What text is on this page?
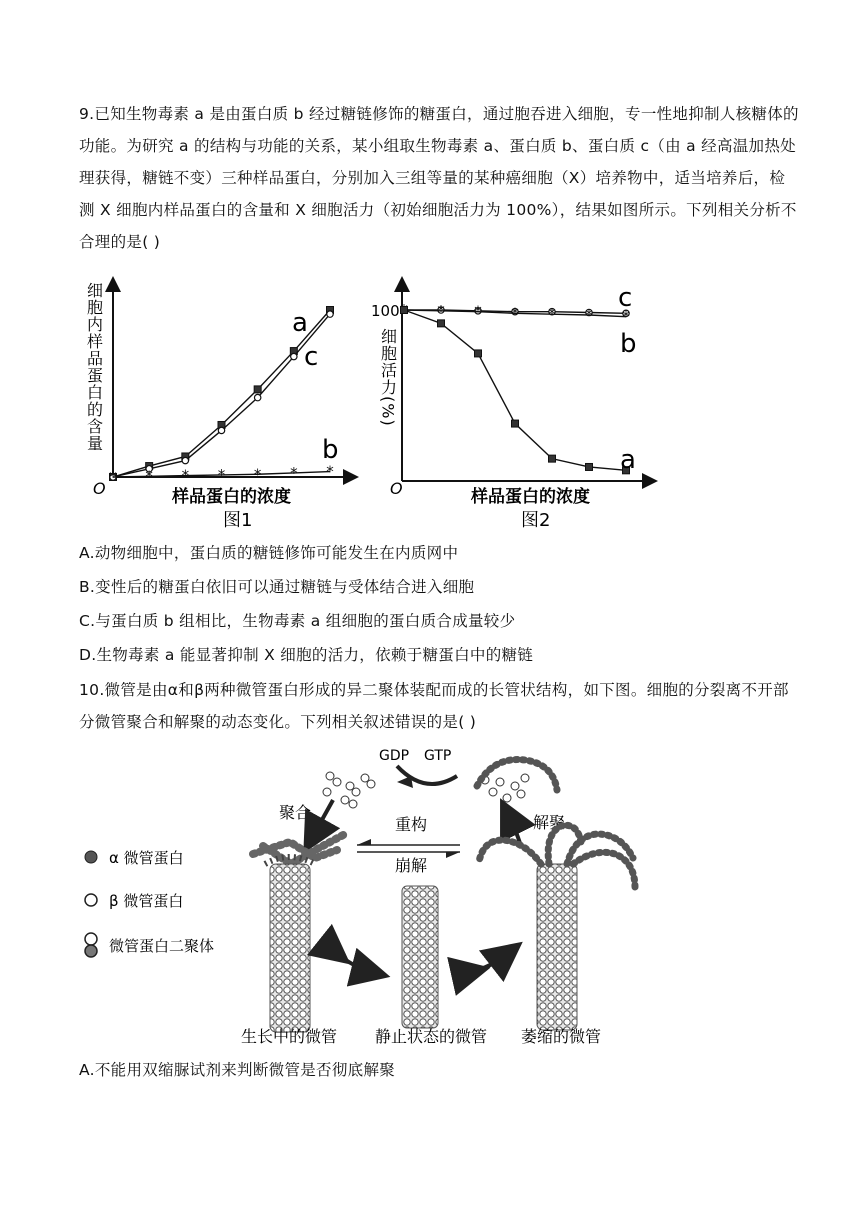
9.已知生物毒素 a 是由蛋白质 b 经过糖链修饰的糖蛋白，通过胞吞进入细胞，专一性地抑制人核糖体的功能。为研究 a 的结构与功能的关系，某小组取生物毒素 a、蛋白质 b、蛋白质 c（由 a 经高温加热处理获得，糖链不变）三种样品蛋白，分别加入三组等量的某种癌细胞（X）培养物中，适当培养后，检测 X 细胞内样品蛋白的含量和 X 细胞活力（初始细胞活力为 100%），结果如图所示。下列相关分析不合理的是( )
O
细胞内样品蛋白的含量
样品蛋白的浓度
图1
* * * * * * *
a
c
b
O
100
细胞活力(%)
样品蛋白的浓度
图2
* * * * * *
c
b
a
A.动物细胞中，蛋白质的糖链修饰可能发生在内质网中
B.变性后的糖蛋白依旧可以通过糖链与受体结合进入细胞
C.与蛋白质 b 组相比，生物毒素 a 组细胞的蛋白质合成量较少
D.生物毒素 a 能显著抑制 X 细胞的活力，依赖于糖蛋白中的糖链
10.微管是由α和β两种微管蛋白形成的异二聚体装配而成的长管状结构，如下图。细胞的分裂离不开部分微管聚合和解聚的动态变化。下列相关叙述错误的是( )
GDP GTP
聚合
解聚
重构
崩解
α 微管蛋白
β 微管蛋白
微管蛋白二聚体
生长中的微管 静止状态的微管 萎缩的微管
A.不能用双缩脲试剂来判断微管是否彻底解聚
